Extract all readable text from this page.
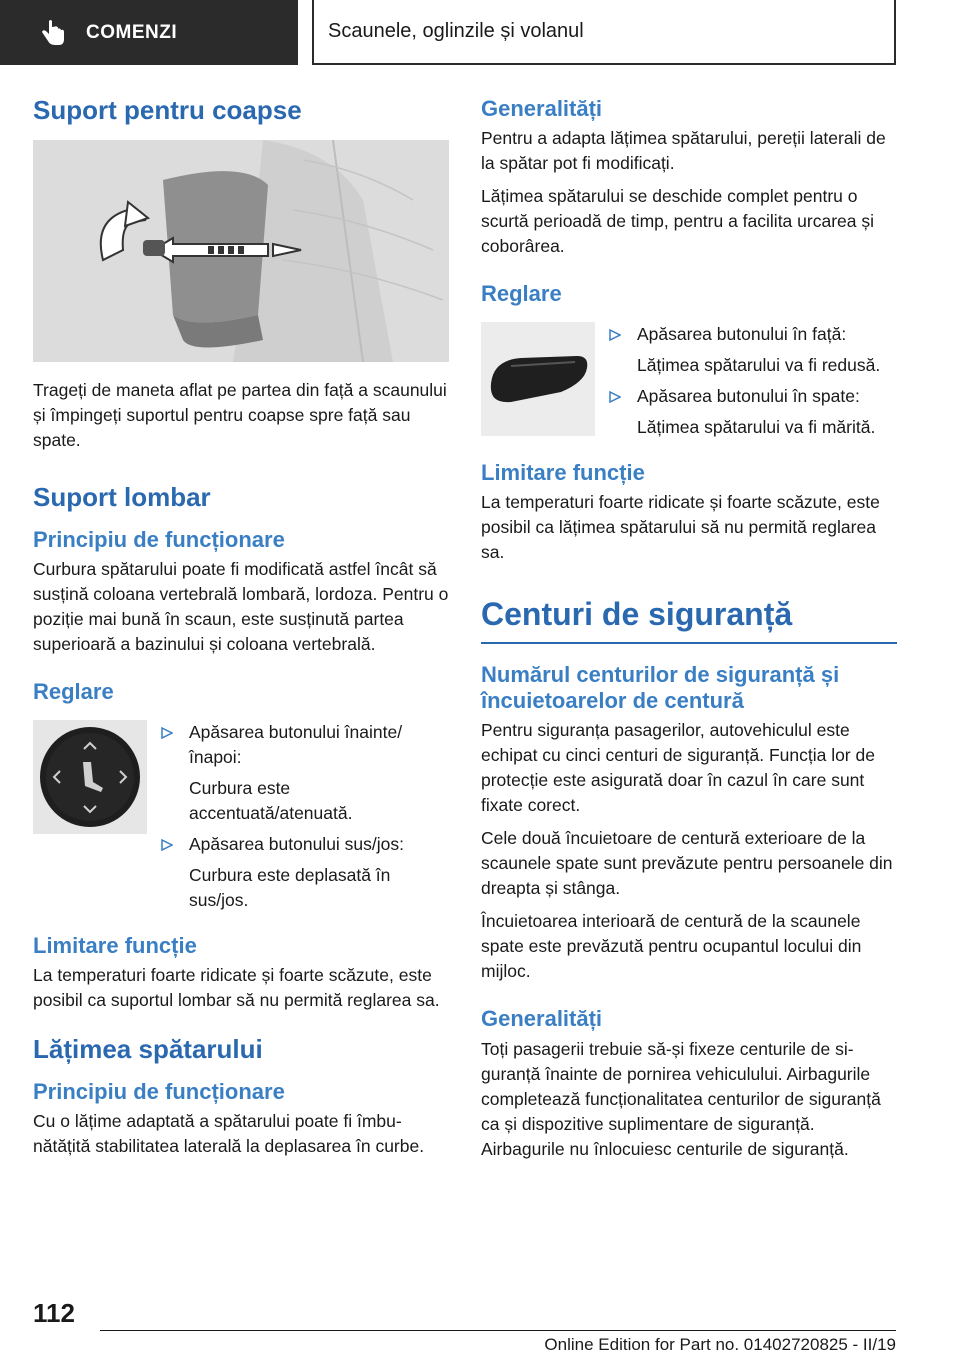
COMENZI	Scaunele, oglinzile și volanul
Suport pentru coapse

Trageți de maneta aflat pe partea din față a scaunului și împingeți suportul pentru coapse spre față sau spate.

Suport lombar
Principiu de funcționare

Curbura spătarului poate fi modificată astfel încât să susțină coloana vertebrală lombară, lordoza. Pentru o poziție mai bună în scaun, este susținută partea superioară a bazinului și coloana vertebrală.

Reglare

Apăsarea butonului înainte/înapoi:

Curbura este accentuată/atenuată.

Apăsarea butonului sus/jos:

Curbura este deplasată în sus/jos.

Limitare funcție

La temperaturi foarte ridicate și foarte scăzute, este posibil ca suportul lombar să nu permită reglarea sa.

Lățimea spătarului
Principiu de funcționare

Cu o lățime adaptată a spătarului poate fi îmbunătățită stabilitatea laterală la deplasarea în curbe.

Generalități

Pentru a adapta lățimea spătarului, pereții laterali de la spătar pot fi modificați.

Lățimea spătarului se deschide complet pentru o scurtă perioadă de timp, pentru a facilita urcarea și coborârea.

Reglare

Apăsarea butonului în față:

Lățimea spătarului va fi redusă.

Apăsarea butonului în spate:

Lățimea spătarului va fi mărită.

Limitare funcție

La temperaturi foarte ridicate și foarte scăzute, este posibil ca lățimea spătarului să nu permită reglarea sa.

Centuri de siguranță
Numărul centurilor de siguranță și încuietoarelor de centură

Pentru siguranța pasagerilor, autovehiculul este echipat cu cinci centuri de siguranță. Funcția lor de protecție este asigurată doar în cazul în care sunt fixate corect.

Cele două încuietoare de centură exterioare de la scaunele spate sunt prevăzute pentru persoanele din dreapta și stânga.

Încuietoarea interioară de centură de la scaunele spate este prevăzută pentru ocupantul locului din mijloc.

Generalități

Toți pasagerii trebuie să-și fixeze centurile de siguranță înainte de pornirea vehiculului. Airbagurile completează funcționalitatea centurilor de siguranță ca și dispozitive suplimentare de siguranță. Airbagurile nu înlocuiesc centurile de siguranță.

112
Online Edition for Part no. 01402720825 - II/19
